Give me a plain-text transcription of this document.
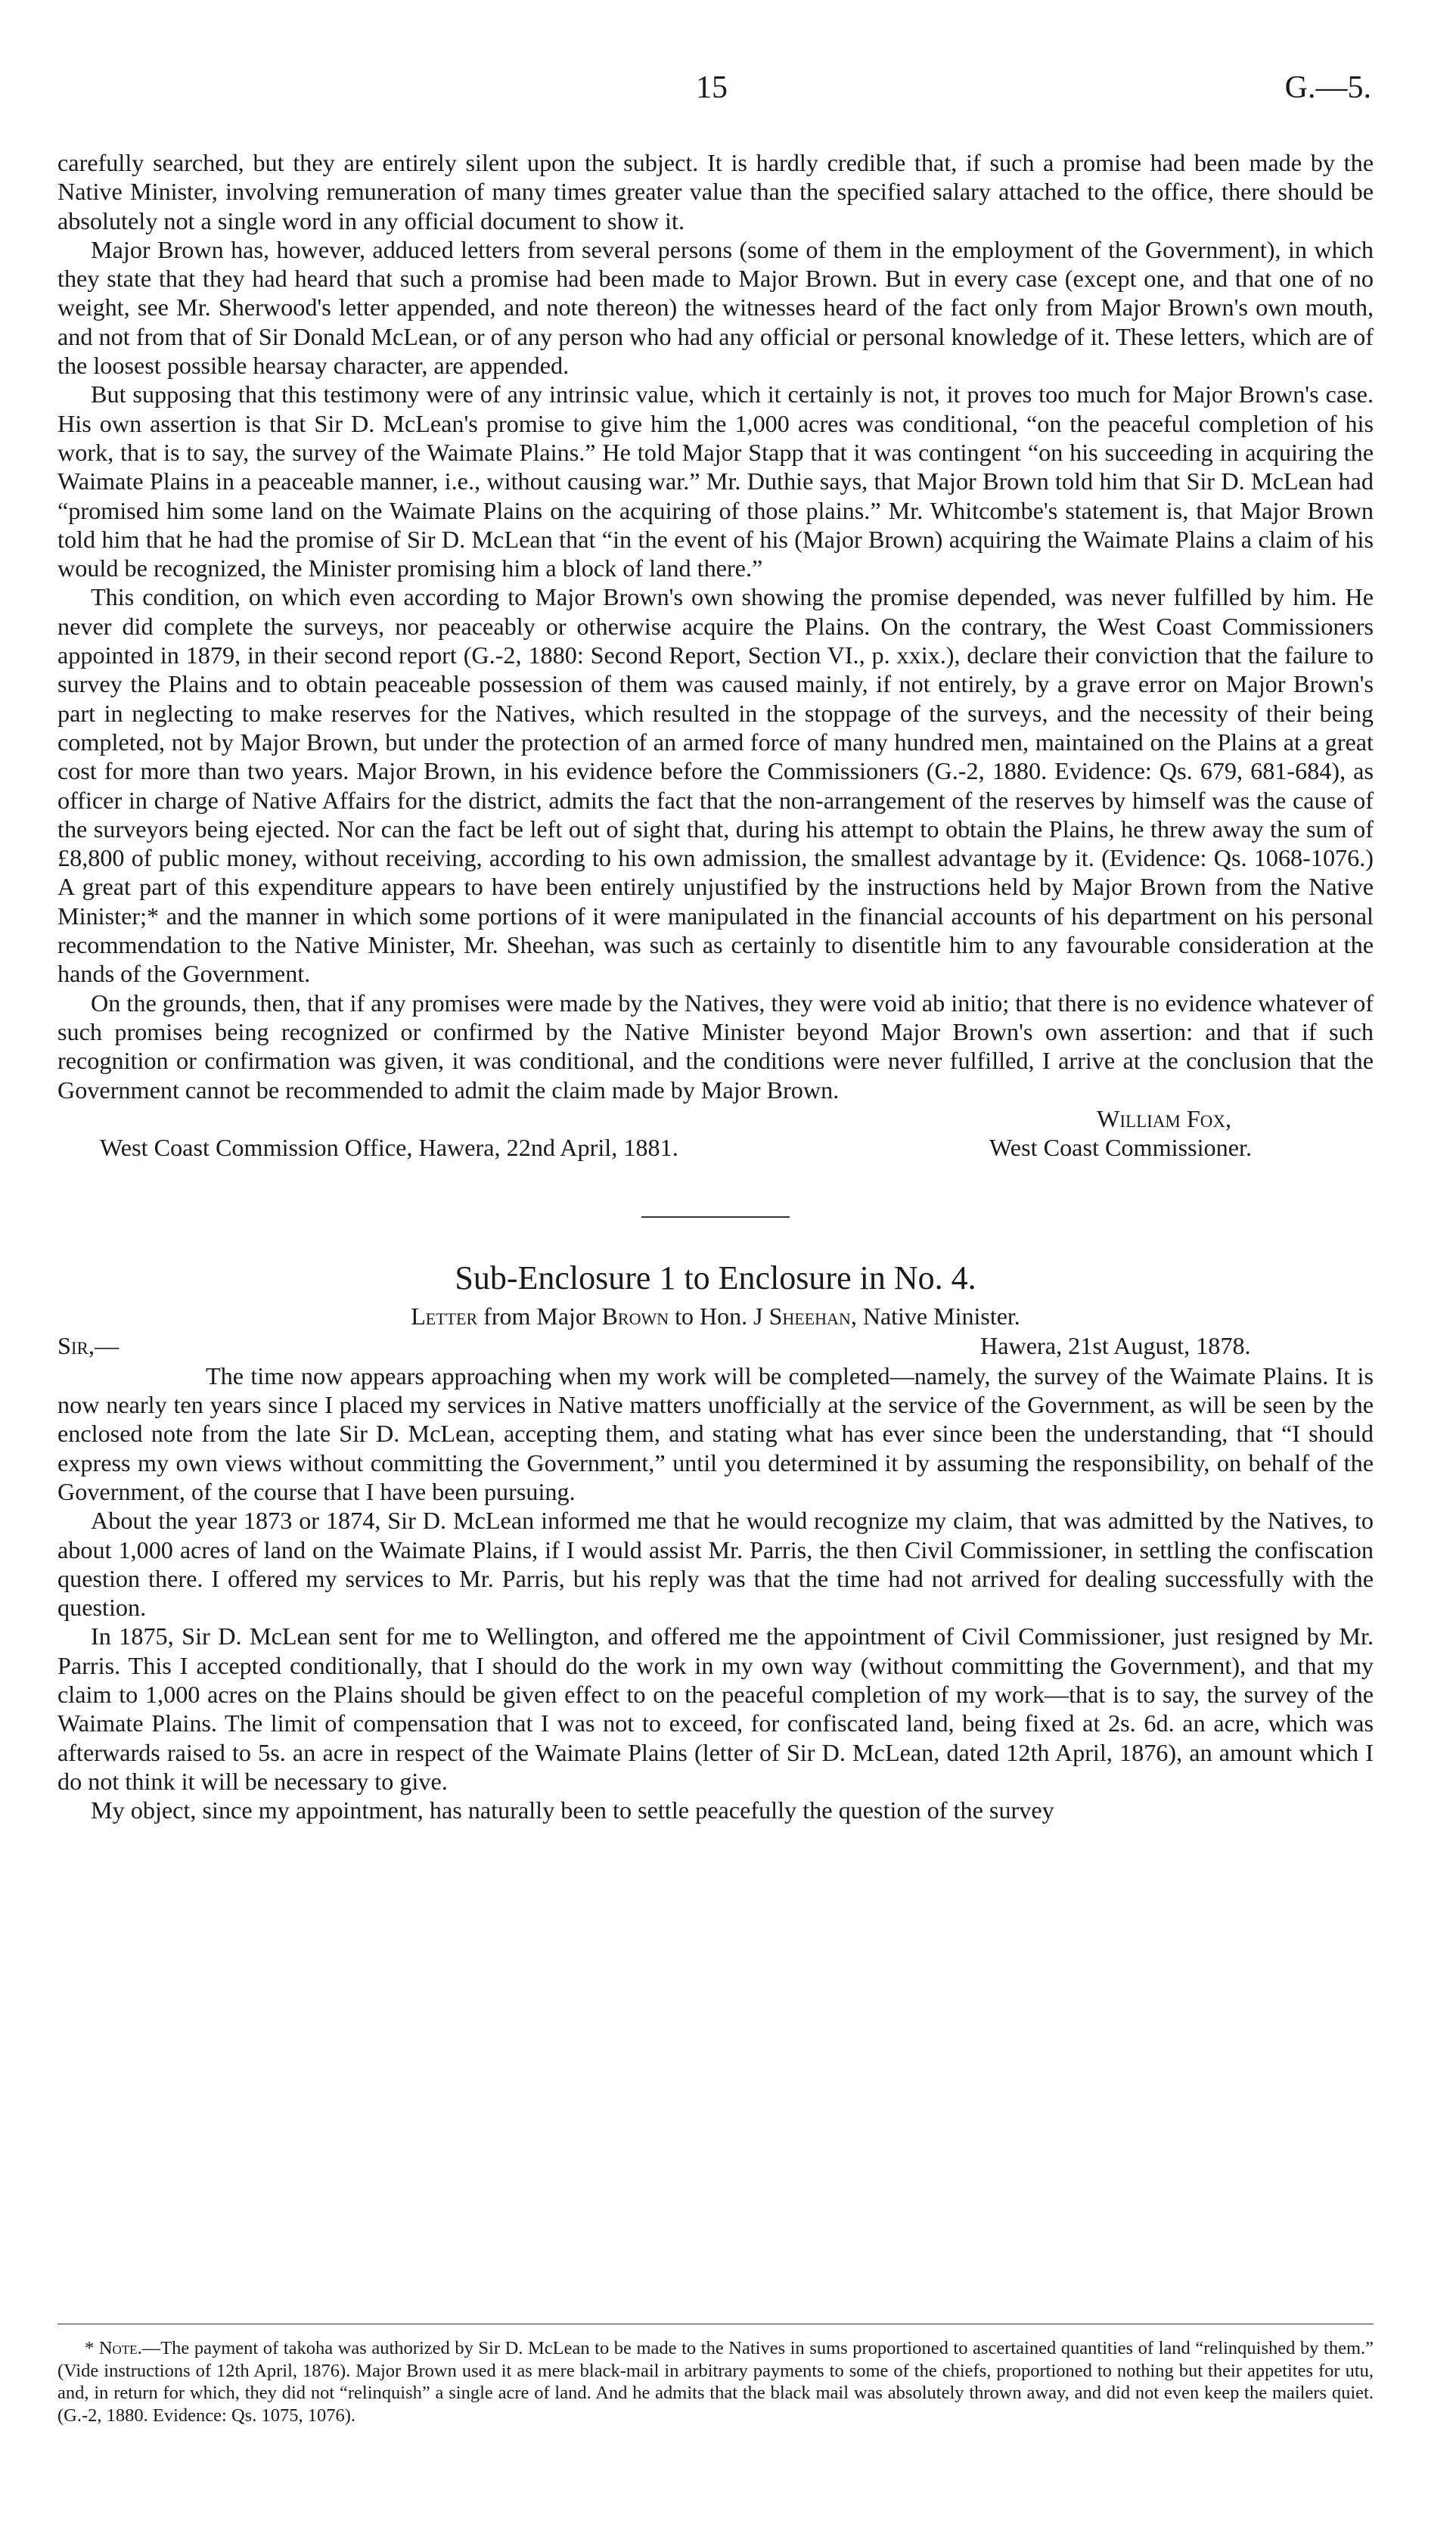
15	G.—5.

carefully searched, but they are entirely silent upon the subject. It is hardly credible that, if such a promise had been made by the Native Minister, involving remuneration of many times greater value than the specified salary attached to the office, there should be absolutely not a single word in any official document to show it.

Major Brown has, however, adduced letters from several persons (some of them in the employment of the Government), in which they state that they had heard that such a promise had been made to Major Brown. But in every case (except one, and that one of no weight, see Mr. Sherwood's letter appended, and note thereon) the witnesses heard of the fact only from Major Brown's own mouth, and not from that of Sir Donald McLean, or of any person who had any official or personal knowledge of it. These letters, which are of the loosest possible hearsay character, are appended.

But supposing that this testimony were of any intrinsic value, which it certainly is not, it proves too much for Major Brown's case. His own assertion is that Sir D. McLean's promise to give him the 1,000 acres was conditional, “on the peaceful completion of his work, that is to say, the survey of the Waimate Plains.” He told Major Stapp that it was contingent “on his succeeding in acquiring the Waimate Plains in a peaceable manner, i.e., without causing war.” Mr. Duthie says, that Major Brown told him that Sir D. McLean had “promised him some land on the Waimate Plains on the acquiring of those plains.” Mr. Whitcombe's statement is, that Major Brown told him that he had the promise of Sir D. McLean that “in the event of his (Major Brown) acquiring the Waimate Plains a claim of his would be recognized, the Minister promising him a block of land there.”

This condition, on which even according to Major Brown's own showing the promise depended, was never fulfilled by him. He never did complete the surveys, nor peaceably or otherwise acquire the Plains. On the contrary, the West Coast Commissioners appointed in 1879, in their second report (G.-2, 1880: Second Report, Section VI., p. xxix.), declare their conviction that the failure to survey the Plains and to obtain peaceable possession of them was caused mainly, if not entirely, by a grave error on Major Brown's part in neglecting to make reserves for the Natives, which resulted in the stoppage of the surveys, and the necessity of their being completed, not by Major Brown, but under the protection of an armed force of many hundred men, maintained on the Plains at a great cost for more than two years. Major Brown, in his evidence before the Commissioners (G.-2, 1880. Evidence: Qs. 679, 681-684), as officer in charge of Native Affairs for the district, admits the fact that the non-arrangement of the reserves by himself was the cause of the surveyors being ejected. Nor can the fact be left out of sight that, during his attempt to obtain the Plains, he threw away the sum of £8,800 of public money, without receiving, according to his own admission, the smallest advantage by it. (Evidence: Qs. 1068-1076.) A great part of this expenditure appears to have been entirely unjustified by the instructions held by Major Brown from the Native Minister;* and the manner in which some portions of it were manipulated in the financial accounts of his department on his personal recommendation to the Native Minister, Mr. Sheehan, was such as certainly to disentitle him to any favourable consideration at the hands of the Government.

On the grounds, then, that if any promises were made by the Natives, they were void ab initio; that there is no evidence whatever of such promises being recognized or confirmed by the Native Minister beyond Major Brown's own assertion: and that if such recognition or confirmation was given, it was conditional, and the conditions were never fulfilled, I arrive at the conclusion that the Government cannot be recommended to admit the claim made by Major Brown.

William Fox,
West Coast Commission Office, Hawera, 22nd April, 1881.	West Coast Commissioner.
Sub-Enclosure 1 to Enclosure in No. 4.
Letter from Major Brown to Hon. J Sheehan, Native Minister.
Sir,—	Hawera, 21st August, 1878.

The time now appears approaching when my work will be completed—namely, the survey of the Waimate Plains. It is now nearly ten years since I placed my services in Native matters unofficially at the service of the Government, as will be seen by the enclosed note from the late Sir D. McLean, accepting them, and stating what has ever since been the understanding, that “I should express my own views without committing the Government,” until you determined it by assuming the responsibility, on behalf of the Government, of the course that I have been pursuing.

About the year 1873 or 1874, Sir D. McLean informed me that he would recognize my claim, that was admitted by the Natives, to about 1,000 acres of land on the Waimate Plains, if I would assist Mr. Parris, the then Civil Commissioner, in settling the confiscation question there. I offered my services to Mr. Parris, but his reply was that the time had not arrived for dealing successfully with the question.

In 1875, Sir D. McLean sent for me to Wellington, and offered me the appointment of Civil Commissioner, just resigned by Mr. Parris. This I accepted conditionally, that I should do the work in my own way (without committing the Government), and that my claim to 1,000 acres on the Plains should be given effect to on the peaceful completion of my work—that is to say, the survey of the Waimate Plains. The limit of compensation that I was not to exceed, for confiscated land, being fixed at 2s. 6d. an acre, which was afterwards raised to 5s. an acre in respect of the Waimate Plains (letter of Sir D. McLean, dated 12th April, 1876), an amount which I do not think it will be necessary to give.

My object, since my appointment, has naturally been to settle peacefully the question of the survey

* Note.—The payment of takoha was authorized by Sir D. McLean to be made to the Natives in sums proportioned to ascertained quantities of land “relinquished by them.” (Vide instructions of 12th April, 1876). Major Brown used it as mere black-mail in arbitrary payments to some of the chiefs, proportioned to nothing but their appetites for utu, and, in return for which, they did not “relinquish” a single acre of land. And he admits that the black mail was absolutely thrown away, and did not even keep the mailers quiet. (G.-2, 1880. Evidence: Qs. 1075, 1076).
